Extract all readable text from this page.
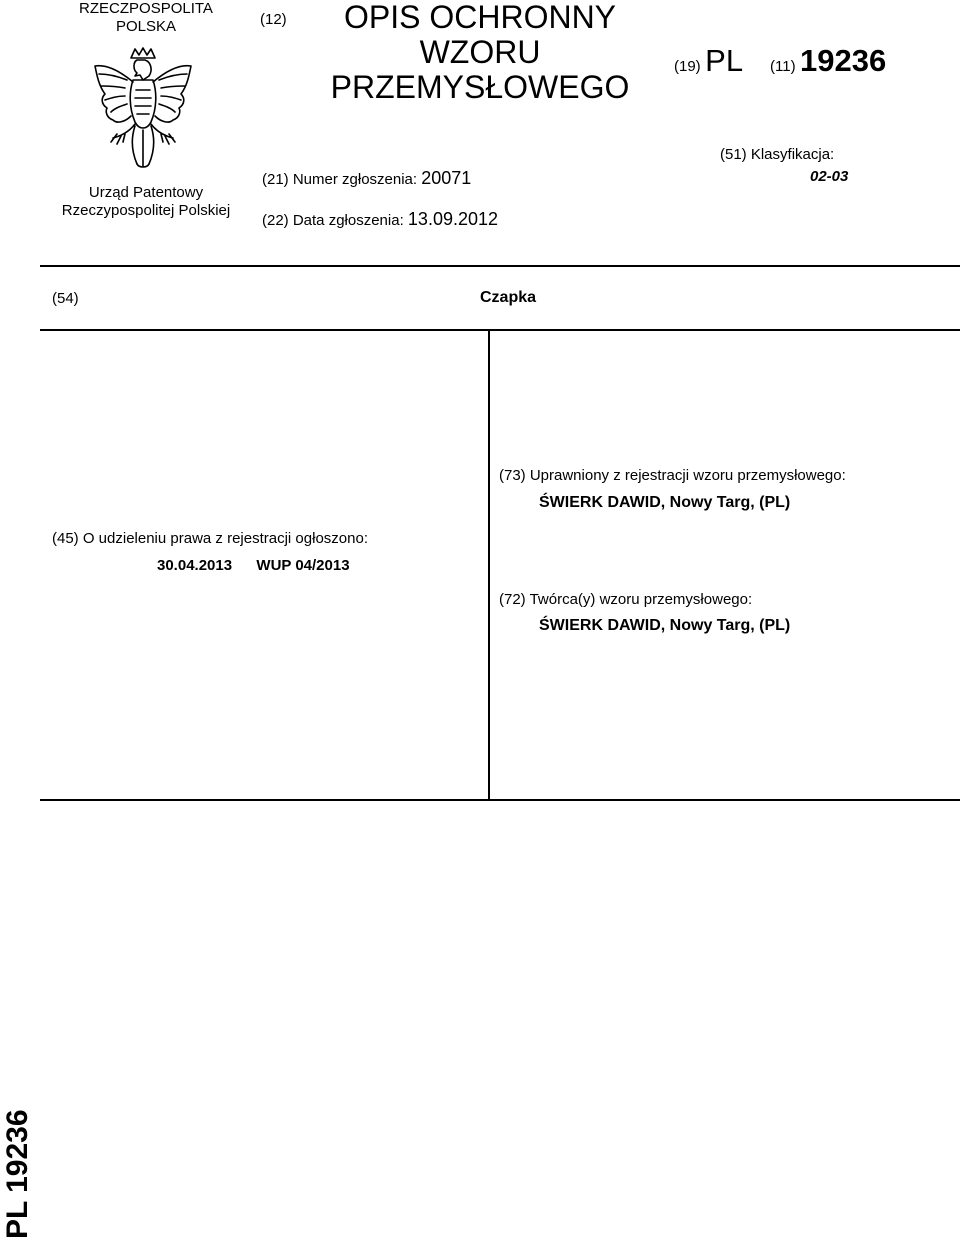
RZECZPOSPOLITA
POLSKA
Urząd Patentowy
Rzeczypospolitej Polskiej
(12)	OPIS OCHRONNY
WZORU
PRZEMYSŁOWEGO
(19) PL (11) 19236
(21) Numer zgłoszenia: 20071
(22) Data zgłoszenia: 13.09.2012
(51) Klasyfikacja:
02-03
(54)	Czapka
(45) O udzieleniu prawa z rejestracji ogłoszono:
30.04.2013 WUP 04/2013
(73) Uprawniony z rejestracji wzoru przemysłowego:
ŚWIERK DAWID, Nowy Targ, (PL)
(72) Twórca(y) wzoru przemysłowego:
ŚWIERK DAWID, Nowy Targ, (PL)
PL 19236
